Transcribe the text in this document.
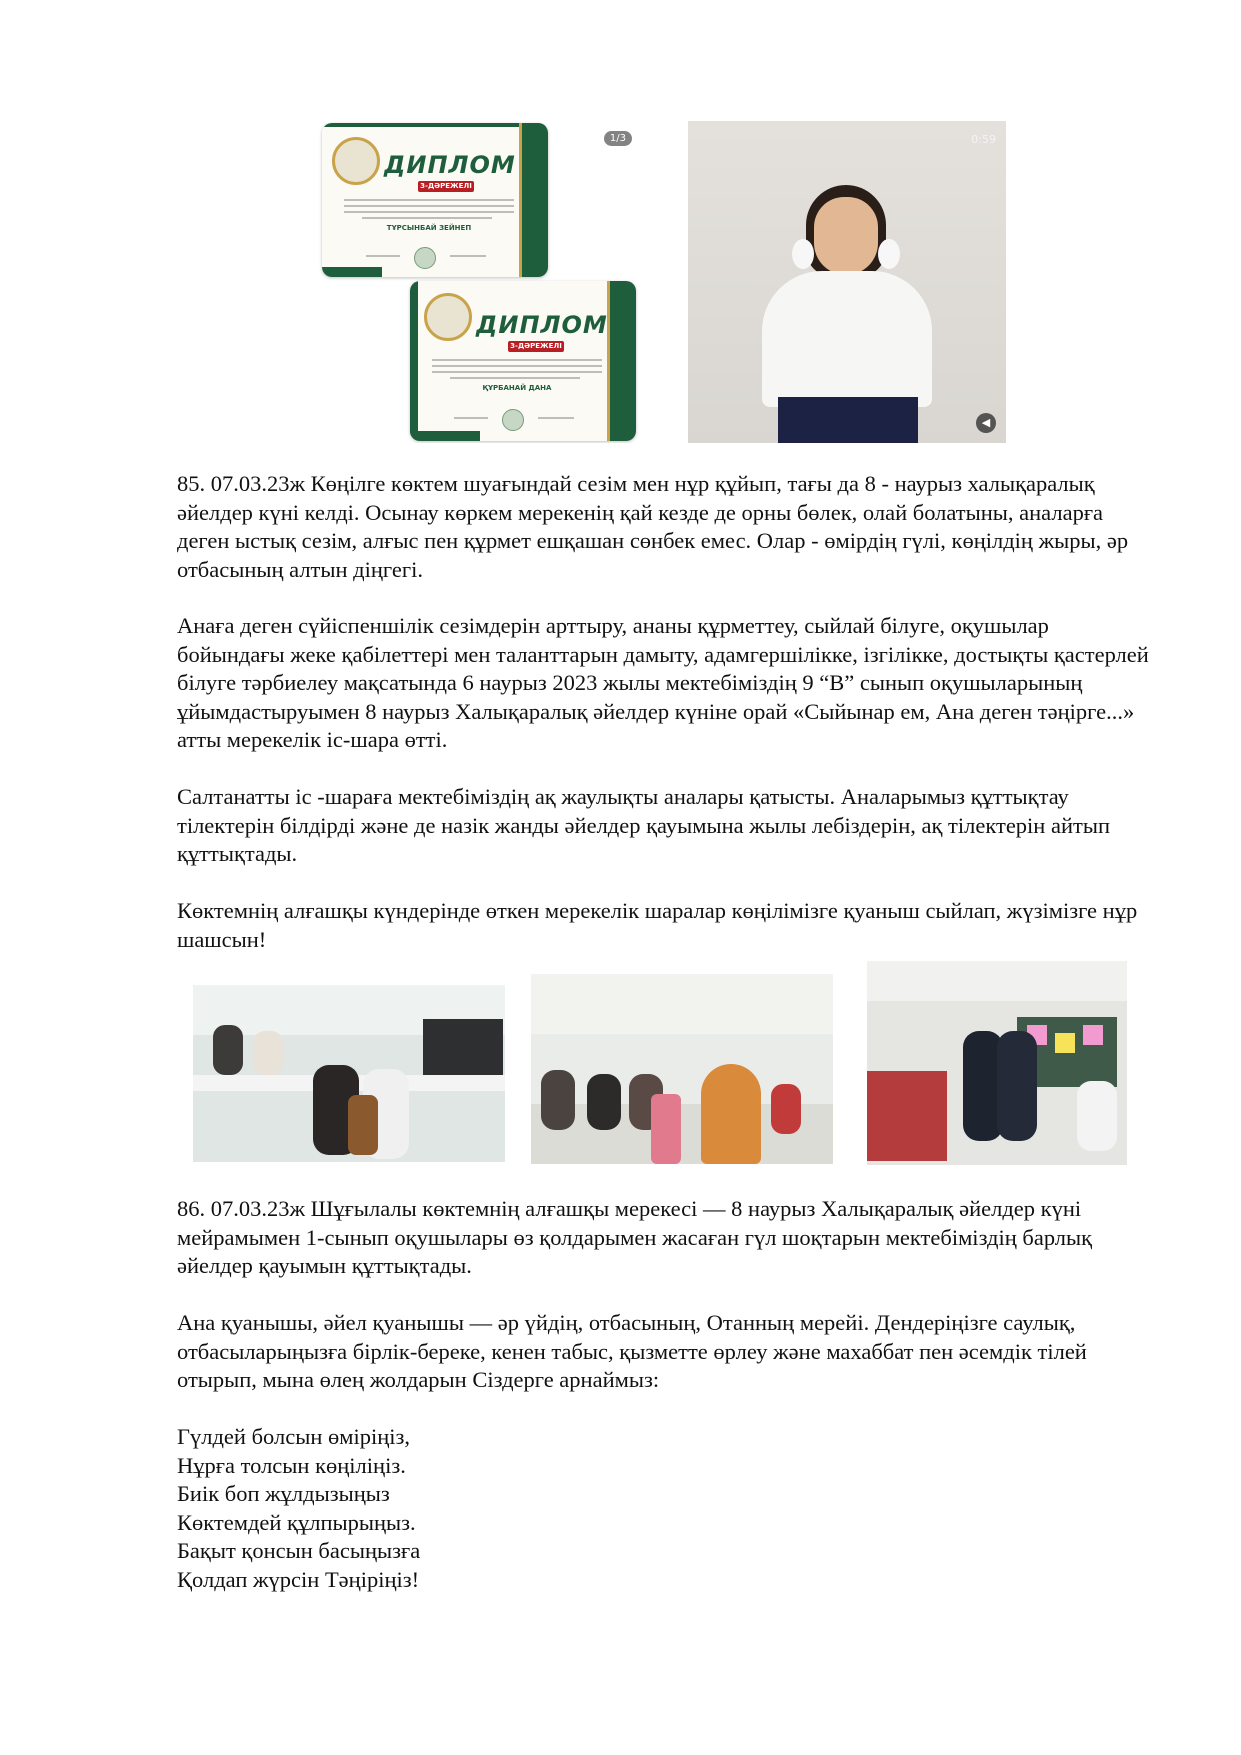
ДИПЛОМ
3-ДӘРЕЖЕЛІ
ТҰРСЫНБАЙ ЗЕЙНЕП
1/3
ДИПЛОМ
3-ДӘРЕЖЕЛІ
ҚҰРБАНАЙ ДАНА
0:59
◀
85. 07.03.23ж Көңілге көктем шуағындай сезім мен нұр құйып, тағы да 8 - наурыз халықаралық әйелдер күні келді. Осынау көркем мерекенің қай кезде де орны бөлек, олай болатыны, аналарға деген ыстық сезім, алғыс пен құрмет ешқашан сөнбек емес. Олар - өмірдің гүлі, көңілдің жыры, әр отбасының алтын діңгегі.
Анаға деген сүйіспеншілік сезімдерін арттыру, ананы құрметтеу, сыйлай білуге, оқушылар бойындағы жеке қабілеттері мен таланттарын дамыту, адамгершілікке, ізгілікке, достықты қастерлей білуге тәрбиелеу мақсатында 6 наурыз 2023 жылы мектебіміздің 9 “В” сынып оқушыларының ұйымдастыруымен 8 наурыз Халықаралық әйелдер күніне орай «Сыйынар ем, Ана деген тәңірге...» атты мерекелік іс-шара өтті.
Салтанатты іс -шараға мектебіміздің ақ жаулықты аналары қатысты. Аналарымыз құттықтау тілектерін білдірді және де назік жанды әйелдер қауымына жылы лебіздерін, ақ тілектерін айтып құттықтады.
Көктемнің алғашқы күндерінде өткен мерекелік шаралар көңілімізге қуаныш сыйлап, жүзімізге нұр шашсын!
86. 07.03.23ж Шұғылалы көктемнің алғашқы мерекесі — 8 наурыз Халықаралық әйелдер күні мейрамымен 1-сынып оқушылары өз қолдарымен жасаған гүл шоқтарын мектебіміздің барлық әйелдер қауымын құттықтады.
Ана қуанышы, әйел қуанышы — әр үйдің, отбасының, Отанның мерейі. Дендеріңізге саулық, отбасыларыңызға бірлік-береке, кенен табыс, қызметте өрлеу және махаббат пен әсемдік тілей отырып, мына өлең жолдарын Сіздерге арнаймыз:
Гүлдей болсын өміріңіз,
Нұрға толсын көңіліңіз.
Биік боп жұлдызыңыз
Көктемдей құлпырыңыз.
Бақыт қонсын басыңызға
Қолдап жүрсін Тәңіріңіз!
